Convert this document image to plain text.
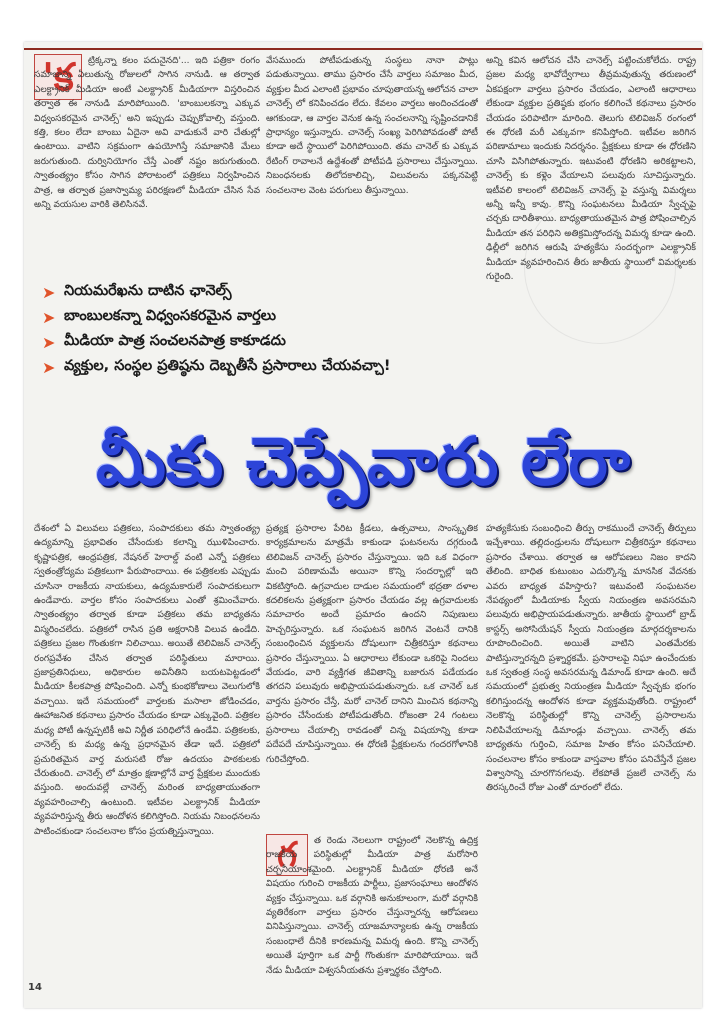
'క	ట్రిక్కన్నా కలం పదునైనది'... ఇది పత్రికా రంగం సమాజాన్ని ఏలుతున్న రోజులలో సాగిన నానుడి. ఆ తర్వాత ఎలక్ట్రానిక్ మీడియా అంటే ఎలక్ట్రానిక్ మీడియాగా విస్తరించిన తర్వాత ఈ నానుడి మారిపోయింది. 'బాంబులకన్నా ఎక్కువ విధ్వంసకరమైన చానెల్స్' అని ఇప్పుడు చెప్పుకోవాల్సి వస్తుంది. కత్తి, కలం లేదా బాంబు ఏదైనా అవి వాడుకునే వారి చేతుల్లో ఉంటాయి. వాటిని సక్రమంగా ఉపయోగిస్తే సమాజానికి మేలు జరుగుతుంది. దుర్వినియోగం చేస్తే ఎంతో నష్టం జరుగుతుంది. స్వాతంత్య్రం కోసం సాగిన పోరాటంలో పత్రికలు నిర్వహించిన పాత్ర, ఆ తర్వాత ప్రజాస్వామ్య పరిరక్షణలో మీడియా చేసిన సేవ అన్ని వయసుల వారికి తెలిసినవే.

వేసముందు పోటీపడుతున్న సంస్థలు నానా పాట్లు పడుతున్నాయి. తాము ప్రసారం చేసే వార్తలు సమాజం మీద, వ్యక్తుల మీద ఎలాంటి ప్రభావం చూపుతాయన్న ఆలోచన చాలా చానెల్స్ లో కనిపించడం లేదు. కేవలం వార్తలు అందించడంతో ఆగకుండా, ఆ వార్తల వెనుక ఉన్న సంచలనాన్ని సృష్టించడానికే ప్రాధాన్యం ఇస్తున్నారు. చానెల్స్ సంఖ్య పెరిగిపోవడంతో పోటీ కూడా అదే స్థాయిలో పెరిగిపోయింది. తమ చానెల్ కు ఎక్కువ రేటింగ్ రావాలనే ఉద్దేశంతో పోటీపడి ప్రసారాలు చేస్తున్నాయి. నిబంధనలకు తిలోదకాలిచ్చి, విలువలను పక్కనపెట్టి సంచలనాల వెంట పరుగులు తీస్తున్నాయి.

అన్ని కవిన ఆలోచన చేసి చానెల్స్ పట్టించుకోలేదు. రాష్ట్ర ప్రజల మధ్య భావోద్వేగాలు తీవ్రమవుతున్న తరుణంలో ఏకపక్షంగా వార్తలు ప్రసారం చేయడం, ఎలాంటి ఆధారాలు లేకుండా వ్యక్తుల ప్రతిష్ఠకు భంగం కలిగించే కథనాలు ప్రసారం చేయడం పరిపాటిగా మారింది. తెలుగు టెలివిజన్ రంగంలో ఈ ధోరణి మరీ ఎక్కువగా కనిపిస్తోంది. ఇటీవల జరిగిన పరిణామాలు ఇందుకు నిదర్శనం. ప్రేక్షకులు కూడా ఈ ధోరణిని చూసి విసిగిపోతున్నారు. ఇటువంటి ధోరణిని అరికట్టాలని, చానెల్స్ కు కళ్లెం వేయాలని పలువురు సూచిస్తున్నారు. ఇటీవలి కాలంలో టెలివిజన్ చానెల్స్ పై వస్తున్న విమర్శలు అన్నీ ఇన్నీ కావు. కొన్ని సంఘటనలు మీడియా స్వేచ్ఛపై చర్చకు దారితీశాయి. బాధ్యతాయుతమైన పాత్ర పోషించాల్సిన మీడియా తన పరిధిని అతిక్రమిస్తోందన్న విమర్శ కూడా ఉంది. ఢిల్లీలో జరిగిన ఆరుషి హత్యకేసు సందర్భంగా ఎలక్ట్రానిక్ మీడియా వ్యవహరించిన తీరు జాతీయ స్థాయిలో విమర్శలకు గురైంది.

➤ నియమరేఖను దాటిన ఛానెల్స్
➤ బాంబులకన్నా విధ్వంసకరమైన వార్తలు
➤ మీడియా పాత్ర సంచలనపాత్ర కాకూడదు
➤ వ్యక్తుల, సంస్థల ప్రతిష్ఠను దెబ్బతీసే ప్రసారాలు చేయవచ్చా!
మీకు చెప్పేవారు లేరా

దేశంలో ఏ విలువలు పత్రికలు, సంపాదకులు తమ స్వాతంత్య్ర ఉద్యమాన్ని ప్రభావితం చేసేందుకు కలాన్ని ఝుళిపించారు. కృష్ణాపత్రిక, ఆంధ్రపత్రిక, నేషనల్ హెరాల్డ్ వంటి ఎన్నో పత్రికలు స్వతంత్రోద్యమ పత్రికలుగా పేరుపొందాయి. ఈ పత్రికలకు ఎప్పుడు చూసినా రాజకీయ నాయకులు, ఉద్యమకారులే సంపాదకులుగా ఉండేవారు. వార్తల కోసం సంపాదకులు ఎంతో శ్రమించేవారు. స్వాతంత్య్రం తర్వాత కూడా పత్రికలు తమ బాధ్యతను విస్మరించలేదు. పత్రికలో రాసిన ప్రతి అక్షరానికి విలువ ఉండేది. పత్రికలు ప్రజల గొంతుకగా నిలిచాయి. అయితే టెలివిజన్ చానెల్స్ రంగప్రవేశం చేసిన తర్వాత పరిస్థితులు మారాయి. ప్రజాప్రతినిధులు, అధికారుల అవినీతిని బయటపెట్టడంలో మీడియా కీలకపాత్ర పోషించింది. ఎన్నో కుంభకోణాలు వెలుగులోకి వచ్చాయి. ఇదే సమయంలో వార్తలకు మసాలా జోడించడం, ఊహాజనిత కథనాలు ప్రసారం చేయడం కూడా ఎక్కువైంది. పత్రికల మధ్య పోటీ ఉన్నప్పటికీ అవి నిర్ణీత పరిధిలోనే ఉండేవి. పత్రికలకు, చానెల్స్ కు మధ్య ఉన్న ప్రధానమైన తేడా ఇదే. పత్రికలో ప్రచురితమైన వార్త మరుసటి రోజు ఉదయం పాఠకులకు చేరుతుంది. చానెల్స్ లో మాత్రం క్షణాల్లోనే వార్త ప్రేక్షకుల ముందుకు వస్తుంది. అందువల్లే చానెల్స్ మరింత బాధ్యతాయుతంగా వ్యవహరించాల్సి ఉంటుంది. ఇటీవల ఎలక్ట్రానిక్ మీడియా వ్యవహరిస్తున్న తీరు ఆందోళన కలిగిస్తోంది. నియమ నిబంధనలను పాటించకుండా సంచలనాల కోసం ప్రయత్నిస్తున్నాయి.

ప్రత్యక్ష ప్రసారాల పేరిట క్రీడలు, ఉత్సవాలు, సాంస్కృతిక కార్యక్రమాలను మాత్రమే కాకుండా ఘటనలను దగ్గరుండి టెలివిజన్ చానెల్స్ ప్రసారం చేస్తున్నాయి. ఇది ఒక విధంగా మంచి పరిణామమే అయినా కొన్ని సందర్భాల్లో ఇది వికటిస్తోంది. ఉగ్రవాదుల దాడుల సమయంలో భద్రతా దళాల కదలికలను ప్రత్యక్షంగా ప్రసారం చేయడం వల్ల ఉగ్రవాదులకు సమాచారం అందే ప్రమాదం ఉందని నిపుణులు హెచ్చరిస్తున్నారు. ఒక సంఘటన జరిగిన వెంటనే దానికి సంబంధించిన వ్యక్తులను దోషులుగా చిత్రీకరిస్తూ కథనాలు ప్రసారం చేస్తున్నాయి. ఏ ఆధారాలు లేకుండా ఒకరిపై నిందలు వేయడం, వారి వ్యక్తిగత జీవితాన్ని బజారున పడేయడం తగదని పలువురు అభిప్రాయపడుతున్నారు. ఒక చానెల్ ఒక వార్తను ప్రసారం చేస్తే, మరో చానెల్ దానిని మించిన కథనాన్ని ప్రసారం చేసేందుకు పోటీపడుతోంది. రోజంతా 24 గంటలు ప్రసారాలు చేయాల్సి రావడంతో చిన్న విషయాన్ని కూడా పదేపదే చూపిస్తున్నాయి. ఈ ధోరణి ప్రేక్షకులను గందరగోళానికి గురిచేస్తోంది.

గ	త రెండు నెలలుగా రాష్ట్రంలో నెలకొన్న ఉద్రిక్త రాజకీయ పరిస్థితుల్లో మీడియా పాత్ర మరోసారి చర్చనీయాంశమైంది. ఎలక్ట్రానిక్ మీడియా ధోరణి అనే విషయం గురించి రాజకీయ పార్టీలు, ప్రజాసంఘాలు ఆందోళన వ్యక్తం చేస్తున్నాయి. ఒక వర్గానికి అనుకూలంగా, మరో వర్గానికి వ్యతిరేకంగా వార్తలు ప్రసారం చేస్తున్నారన్న ఆరోపణలు వినిపిస్తున్నాయి. చానెల్స్ యాజమాన్యాలకు ఉన్న రాజకీయ సంబంధాలే దీనికి కారణమన్న విమర్శ ఉంది. కొన్ని చానెల్స్ అయితే పూర్తిగా ఒక పార్టీ గొంతుకగా మారిపోయాయి. ఇదే నేడు మీడియా విశ్వసనీయతను ప్రశ్నార్థకం చేస్తోంది.

హత్యకేసుకు సంబంధించి తీర్పు రాకముందే చానెల్స్ తీర్పులు ఇచ్చేశాయి. తల్లిదండ్రులను దోషులుగా చిత్రీకరిస్తూ కథనాలు ప్రసారం చేశాయి. తర్వాత ఆ ఆరోపణలు నిజం కాదని తేలింది. బాధిత కుటుంబం ఎదుర్కొన్న మానసిక వేదనకు ఎవరు బాధ్యత వహిస్తారు? ఇటువంటి సంఘటనల నేపథ్యంలో మీడియాకు స్వీయ నియంత్రణ అవసరమని పలువురు అభిప్రాయపడుతున్నారు. జాతీయ స్థాయిలో బ్రాడ్ కాస్టర్స్ అసోసియేషన్ స్వీయ నియంత్రణ మార్గదర్శకాలను రూపొందించింది. అయితే వాటిని ఎంతమేరకు పాటిస్తున్నారన్నది ప్రశ్నార్థకమే. ప్రసారాలపై నిఘా ఉంచేందుకు ఒక స్వతంత్ర సంస్థ అవసరమన్న డిమాండ్ కూడా ఉంది. అదే సమయంలో ప్రభుత్వ నియంత్రణ మీడియా స్వేచ్ఛకు భంగం కలిగిస్తుందన్న ఆందోళన కూడా వ్యక్తమవుతోంది. రాష్ట్రంలో నెలకొన్న పరిస్థితుల్లో కొన్ని చానెల్స్ ప్రసారాలను నిలిపివేయాలన్న డిమాండ్లు వచ్చాయి. చానెల్స్ తమ బాధ్యతను గుర్తించి, సమాజ హితం కోసం పనిచేయాలి. సంచలనాల కోసం కాకుండా వాస్తవాల కోసం పనిచేస్తేనే ప్రజల విశ్వాసాన్ని చూరగొనగలవు. లేకపోతే ప్రజలే చానెల్స్ ను తిరస్కరించే రోజు ఎంతో దూరంలో లేదు.

14
